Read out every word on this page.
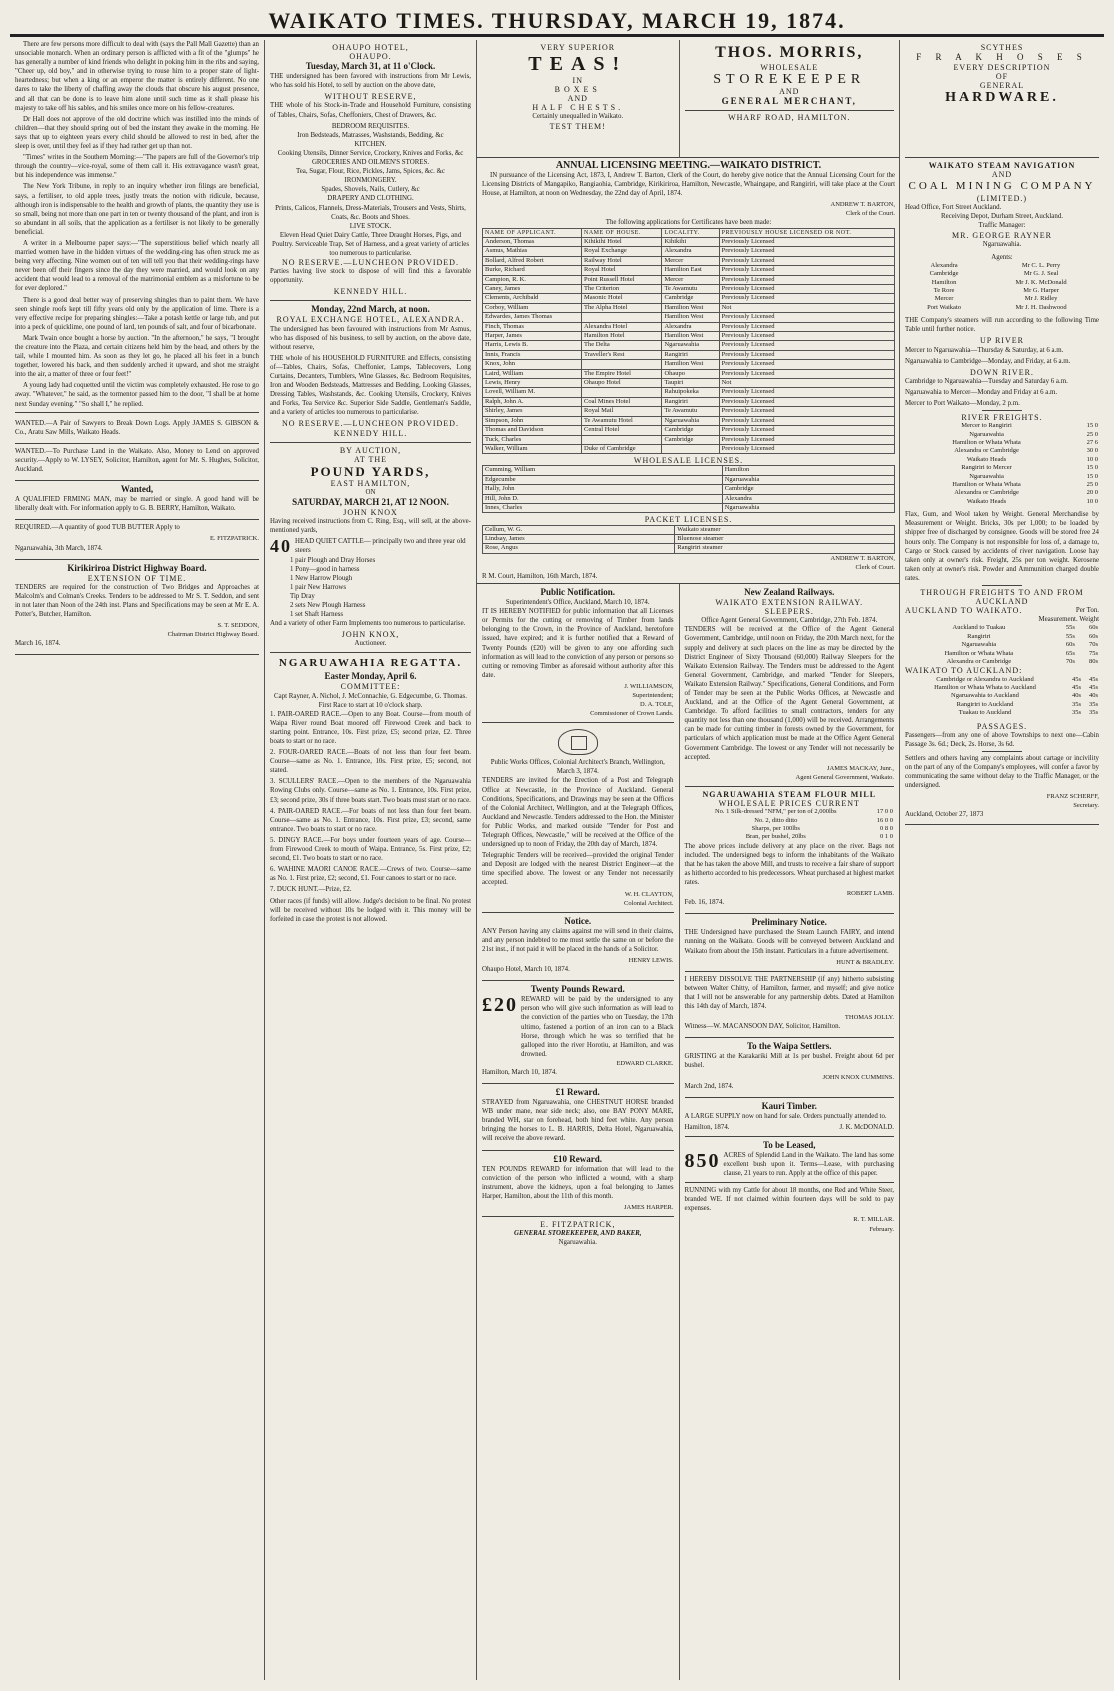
WAIKATO TIMES. THURSDAY, MARCH 19, 1874.

There are few persons more difficult to deal with (says the Pall Mall Gazette) than an unsociable monarch. When an ordinary person is afflicted with a fit of the "glumps" he has generally a number of kind friends who delight in poking him in the ribs and saying, "Cheer up, old boy," and in otherwise trying to rouse him to a proper state of light-heartedness; but when a king or an emperor the matter is entirely different. No one dares to take the liberty of chaffing away the clouds that obscure his august presence, and all that can be done is to leave him alone until such time as it shall please his majesty to take off his sables, and his smiles once more on his fellow-creatures.

Dr Hall does not approve of the old doctrine which was instilled into the minds of children—that they should spring out of bed the instant they awake in the morning. He says that up to eighteen years every child should be allowed to rest in bed, after the sleep is over, until they feel as if they had rather get up than not.

"Times" writes in the Southern Morning:—"The papers are full of the Governor's trip through the country—vice-royal, some of them call it. His extravagance wasn't great, but his independence was immense."

The New York Tribune, in reply to an inquiry whether iron filings are beneficial, says, a fertiliser, to old apple trees, justly treats the notion with ridicule, because, although iron is indispensable to the health and growth of plants, the quantity they use is so small, being not more than one part in ten or twenty thousand of the plant, and iron is so abundant in all soils, that the application as a fertiliser is not likely to be generally beneficial.

A writer in a Melbourne paper says:—"The superstitious belief which nearly all married women have in the hidden virtues of the wedding-ring has often struck me as being very affecting. Nine women out of ten will tell you that their wedding-rings have never been off their fingers since the day they were married, and would look on any accident that would lead to a removal of the matrimonial emblem as a misfortune to be for ever deplored."

There is a good deal better way of preserving shingles than to paint them. We have seen shingle roofs kept till fifty years old only by the application of lime. There is a very effective recipe for preparing shingles:—Take a potash kettle or large tub, and put into a peck of quicklime, one pound of lard, ten pounds of salt, and four of bicarbonate.

Mark Twain once bought a horse by auction. "In the afternoon," he says, "I brought the creature into the Plaza, and certain citizens held him by the head, and others by the tail, while I mounted him. As soon as they let go, he placed all his feet in a bunch together, lowered his back, and then suddenly arched it upward, and shot me straight into the air, a matter of three or four feet!"

A young lady had coquetted until the victim was completely exhausted. He rose to go away. "Whatever," he said, as the tormentor passed him to the door, "I shall be at home next Sunday evening." "So shall I," he replied.

WANTED.—A Pair of Sawyers to Break Down Logs. Apply JAMES S. GIBSON & Co., Aratu Saw Mills, Waikato Heads.

WANTED.—To Purchase Land in the Waikato. Also, Money to Lend on approved security.—Apply to W. LYSEY, Solicitor, Hamilton, agent for Mr. S. Hughes, Solicitor, Auckland.

Wanted,

A QUALIFIED FRMING MAN, may be married or single. A good hand will be liberally dealt with. For information apply to G. B. BERRY, Hamilton, Waikato.

REQUIRED.—A quantity of good TUB BUTTER Apply to

E. FITZPATRICK.

Ngaruawahia, 3th March, 1874.

Kirikiriroa District Highway Board.
EXTENSION OF TIME.

TENDERS are required for the construction of Two Bridges and Approaches at Malcolm's and Colman's Creeks. Tenders to be addressed to Mr S. T. Seddon, and sent in not later than Noon of the 24th inst. Plans and Specifications may be seen at Mr E. A. Potter's, Butcher, Hamilton.

S. T. SEDDON,
Chairman District Highway Board.

March 16, 1874.

OHAUPO HOTEL,
OHAUPO.
Tuesday, March 31, at 11 o'Clock.

THE undersigned has been favored with instructions from Mr Lewis, who has sold his Hotel, to sell by auction on the above date,

WITHOUT RESERVE,

THE whole of his Stock-in-Trade and Household Furniture, consisting of Tables, Chairs, Sofas, Cheffoniers, Chest of Drawers, &c.

BEDROOM REQUISITES.
Iron Bedsteads, Matrasses, Washstands, Bedding, &c
KITCHEN.
Cooking Utensils, Dinner Service, Crockery, Knives and Forks, &c
GROCERIES AND OILMEN'S STORES.
Tea, Sugar, Flour, Rice, Pickles, Jams, Spices, &c. &c
IRONMONGERY.
Spades, Shovels, Nails, Cutlery, &c
DRAPERY AND CLOTHING.
Prints, Calicos, Flannels, Dress-Materials, Trousers and Vests, Shirts, Coats, &c. Boots and Shoes.
LIVE STOCK.
Eleven Head Quiet Dairy Cattle, Three Draught Horses, Pigs, and Poultry. Serviceable Trap, Set of Harness, and a great variety of articles too numerous to particularise.
NO RESERVE.—LUNCHEON PROVIDED.

Parties having live stock to dispose of will find this a favorable opportunity.

KENNEDY HILL.
Monday, 22nd March, at noon.
ROYAL EXCHANGE HOTEL, ALEXANDRA.

The undersigned has been favoured with instructions from Mr Asmus, who has disposed of his business, to sell by auction, on the above date, without reserve,

THE whole of his HOUSEHOLD FURNITURE and Effects, consisting of—Tables, Chairs, Sofas, Cheffonier, Lamps, Tablecovers, Long Curtains, Decanters, Tumblers, Wine Glasses, &c. Bedroom Requisites, Iron and Wooden Bedsteads, Mattresses and Bedding, Looking Glasses, Dressing Tables, Washstands, &c. Cooking Utensils, Crockery, Knives and Forks, Tea Service &c. Superior Side Saddle, Gentleman's Saddle, and a variety of articles too numerous to particularise.

NO RESERVE.—LUNCHEON PROVIDED.
KENNEDY HILL.
BY AUCTION,
AT THE
POUND YARDS,
EAST HAMILTON,
ON
SATURDAY, MARCH 21, AT 12 NOON.
JOHN KNOX

Having received instructions from C. Ring, Esq., will sell, at the above-mentioned yards,

40 HEAD QUIET CATTLE— principally two and three year old steers
1 pair Plough and Dray Horses
1 Pony—good in harness
1 New Harrow Plough
1 pair New Harrows
Tip Dray
2 sets New Plough Harness
1 set Shaft Harness

And a variety of other Farm Implements too numerous to particularise.

JOHN KNOX,
Auctioneer.
NGARUAWAHIA REGATTA.
Easter Monday, April 6.
COMMITTEE:
Capt Rayner, A. Nichol, J. McConnachie, G. Edgecumbe, G. Thomas.
First Race to start at 10 o'clock sharp.

1. PAIR-OARED RACE.—Open to any Boat. Course—from mouth of Waipa River round Boat moored off Firewood Creek and back to starting point. Entrance, 10s. First prize, £5; second prize, £2. Three boats to start or no race.

2. FOUR-OARED RACE.—Boats of not less than four feet beam. Course—same as No. 1. Entrance, 10s. First prize, £5; second, not stated.

3. SCULLERS' RACE.—Open to the members of the Ngaruawahia Rowing Clubs only. Course—same as No. 1. Entrance, 10s. First prize, £3; second prize, 30s if three boats start. Two boats must start or no race.

4. PAIR-OARED RACE.—For boats of not less than four feet beam. Course—same as No. 1. Entrance, 10s. First prize, £3; second, same entrance. Two boats to start or no race.

5. DINGY RACE.—For boys under fourteen years of age. Course—from Firewood Creek to mouth of Waipa. Entrance, 5s. First prize, £2; second, £1. Two boats to start or no race.

6. WAHINE MAORI CANOE RACE.—Crews of two. Course—same as No. 1. First prize, £2; second, £1. Four canoes to start or no race.

7. DUCK HUNT.—Prize, £2.

Other races (if funds) will allow. Judge's decision to be final. No protest will be received without 10s be lodged with it. This money will be forfeited in case the protest is not allowed.

VERY SUPERIOR
TEAS!
IN
BOXES
AND
HALF CHESTS.
Certainly unequalled in Waikato.
TEST THEM!
THOS. MORRIS,
WHOLESALE
STOREKEEPER
AND
GENERAL MERCHANT,
WHARF ROAD, HAMILTON.
ANNUAL LICENSING MEETING.—WAIKATO DISTRICT.

IN pursuance of the Licensing Act, 1873, I, Andrew T. Barton, Clerk of the Court, do hereby give notice that the Annual Licensing Court for the Licensing Districts of Mangapiko, Rangiaohia, Cambridge, Kirikiriroa, Hamilton, Newcastle, Whaingape, and Rangiriri, will take place at the Court House, at Hamilton, at noon on Wednesday, the 22nd day of April, 1874.

ANDREW T. BARTON,
Clerk of the Court.
The following applications for Certificates have been made:
NAME OF APPLICANT.	NAME OF HOUSE.	LOCALITY.	PREVIOUSLY HOUSE LICENSED OR NOT.
Anderson, Thomas	Kihikihi Hotel	Kihikihi	Previously Licensed
Asmus, Mathias	Royal Exchange	Alexandra	Previously Licensed
Bollard, Alfred Robert	Railway Hotel	Mercer	Previously Licensed
Burke, Richard	Royal Hotel	Hamilton East	Previously Licensed
Campion, R. K.	Point Russell Hotel	Mercer	Previously Licensed
Caney, James	The Criterion	Te Awamutu	Previously Licensed
Clements, Archibald	Masonic Hotel	Cambridge	Previously Licensed
Corboy, William	The Alpha Hotel	Hamilton West	Not
Edwardes, James Thomas		Hamilton West	Previously Licensed
Finch, Thomas	Alexandra Hotel	Alexandra	Previously Licensed
Harper, James	Hamilton Hotel	Hamilton West	Previously Licensed
Harris, Lewis B.	The Delta	Ngaruawahia	Previously Licensed
Innis, Francis	Traveller's Rest	Rangiriri	Previously Licensed
Knox, John		Hamilton West	Previously Licensed
Laird, William	The Empire Hotel	Ohaupo	Previously Licensed
Lewis, Henry	Ohaupo Hotel	Taupiri	Not
Lovell, William M.		Rahuipokeka	Previously Licensed
Ralph, John A.	Coal Mines Hotel	Rangiriri	Previously Licensed
Shirley, James	Royal Mail	Te Awamutu	Previously Licensed
Simpson, John	Te Awamutu Hotel	Ngaruawahia	Previously Licensed
Thomas and Davidson	Central Hotel	Cambridge	Previously Licensed
Tuck, Charles		Cambridge	Previously Licensed
Walker, William	Duke of Cambridge		Previously Licensed
WHOLESALE LICENSES.
Cumming, William	Hamilton
Edgecumbe	Ngaruawahia
Hally, John	Cambridge
Hill, John D.	Alexandra
Innes, Charles	Ngaruawahia
PACKET LICENSES.
Cellum, W. G.	Waikato steamer
Lindsay, James	Bluenose steamer
Rose, Angus	Rangiriri steamer
ANDREW T. BARTON,
Clerk of Court.
R M. Court, Hamilton, 16th March, 1874.
Public Notification.
Superintendent's Office, Auckland, March 10, 1874.

IT IS HEREBY NOTIFIED for public information that all Licenses or Permits for the cutting or removing of Timber from lands belonging to the Crown, in the Province of Auckland, heretofore issued, have expired; and it is further notified that a Reward of Twenty Pounds (£20) will be given to any one affording such information as will lead to the conviction of any person or persons so cutting or removing Timber as aforesaid without authority after this date.

J. WILLIAMSON,
Superintendent;
D. A. TOLE,
Commissioner of Crown Lands.
Public Works Offices, Colonial Architect's Branch, Wellington, March 3, 1874.

TENDERS are invited for the Erection of a Post and Telegraph Office at Newcastle, in the Province of Auckland. General Conditions, Specifications, and Drawings may be seen at the Offices of the Colonial Architect, Wellington, and at the Telegraph Offices, Auckland and Newcastle. Tenders addressed to the Hon. the Minister for Public Works, and marked outside "Tender for Post and Telegraph Offices, Newcastle," will be received at the Office of the undersigned up to noon of Friday, the 20th day of March, 1874.

Telegraphic Tenders will be received—provided the original Tender and Deposit are lodged with the nearest District Engineer—at the time specified above. The lowest or any Tender not necessarily accepted.

W. H. CLAYTON,
Colonial Architect.
Notice.

ANY Person having any claims against me will send in their claims, and any person indebted to me must settle the same on or before the 21st inst., if not paid it will be placed in the hands of a Solicitor.

HENRY LEWIS.

Ohaupo Hotel, March 10, 1874.

Twenty Pounds Reward.
£20 REWARD will be paid by the undersigned to any person who will give such information as will lead to the conviction of the parties who on Tuesday, the 17th ultimo, fastened a portion of an iron can to a Black Horse, through which he was so terrified that he galloped into the river Horotiu, at Hamilton, and was drowned.
EDWARD CLARKE.

Hamilton, March 10, 1874.

£1 Reward.

STRAYED from Ngaruawahia, one CHESTNUT HORSE branded WB under mane, near side neck; also, one BAY PONY MARE, branded WH, star on forehead, both hind feet white. Any person bringing the horses to L. B. HARRIS, Delta Hotel, Ngaruawahia, will receive the above reward.

£10 Reward.

TEN POUNDS REWARD for information that will lead to the conviction of the person who inflicted a wound, with a sharp instrument, above the kidneys, upon a foal belonging to James Harper, Hamilton, about the 11th of this month.

JAMES HARPER.
E. FITZPATRICK,
GENERAL STOREKEEPER, AND BAKER,
Ngaruawahia.
New Zealand Railways.
WAIKATO EXTENSION RAILWAY.
SLEEPERS.
Office Agent General Government, Cambridge, 27th Feb. 1874.

TENDERS will be received at the Office of the Agent General Government, Cambridge, until noon on Friday, the 20th March next, for the supply and delivery at such places on the line as may be directed by the District Engineer of Sixty Thousand (60,000) Railway Sleepers for the Waikato Extension Railway. The Tenders must be addressed to the Agent General Government, Cambridge, and marked "Tender for Sleepers, Waikato Extension Railway." Specifications, General Conditions, and Form of Tender may be seen at the Public Works Offices, at Newcastle and Auckland, and at the Office of the Agent General Government, at Cambridge. To afford facilities to small contractors, tenders for any quantity not less than one thousand (1,000) will be received. Arrangements can be made for cutting timber in forests owned by the Government, for particulars of which application must be made at the Office Agent General Government Cambridge. The lowest or any Tender will not necessarily be accepted.

JAMES MACKAY, Junr.,
Agent General Government, Waikato.
NGARUAWAHIA STEAM FLOUR MILL
WHOLESALE PRICES CURRENT
No. 1 Silk-dressed "NFM," per ton of 2,000lbs	17 0 0
No. 2, ditto ditto	16 0 0
Sharps, per 100lbs	0 8 0
Bran, per bushel, 20lbs	0 1 0

The above prices include delivery at any place on the river. Bags not included. The undersigned begs to inform the inhabitants of the Waikato that he has taken the above Mill, and trusts to receive a fair share of support as hitherto accorded to his predecessors. Wheat purchased at highest market rates.

ROBERT LAMB.

Feb. 16, 1874.

Preliminary Notice.

THE Undersigned have purchased the Steam Launch FAIRY, and intend running on the Waikato. Goods will be conveyed between Auckland and Waikato from about the 15th instant. Particulars in a future advertisement.

HUNT & BRADLEY.

I HEREBY DISSOLVE THE PARTNERSHIP (if any) hitherto subsisting between Walter Chitty, of Hamilton, farmer, and myself; and give notice that I will not be answerable for any partnership debts. Dated at Hamilton this 14th day of March, 1874.

THOMAS JOLLY.

Witness—W. MACANSOON DAY, Solicitor, Hamilton.

To the Waipa Settlers.

GRISTING at the Karakariki Mill at 1s per bushel. Freight about 6d per bushel.

JOHN KNOX CUMMINS.

March 2nd, 1874.

Kauri Timber.

A LARGE SUPPLY now on hand for sale. Orders punctually attended to.

Hamilton, 1874.	J. K. McDONALD.
To be Leased,
850 ACRES of Splendid Land in the Waikato. The land has some excellent bush upon it. Terms—Lease, with purchasing clause, 21 years to run. Apply at the office of this paper.

RUNNING with my Cattle for about 18 months, one Red and White Steer, branded WE. If not claimed within fourteen days will be sold to pay expenses.

R. T. MILLAR.
February.
SCYTHES
F R A K H O S E S
EVERY DESCRIPTION
OF
GENERAL
HARDWARE.
WAIKATO STEAM NAVIGATION
AND
COAL MINING COMPANY
(LIMITED.)
Head Office, Fort Street Auckland.
Receiving Depot, Durham Street, Auckland.
Traffic Manager:
MR. GEORGE RAYNER
Ngaruawahia.
Agents:
Alexandra	Mr C. L. Perry
Cambridge	Mr G. J. Seal
Hamilton	Mr J. K. McDonald
Te Rore	Mr G. Harper
Mercer	Mr J. Ridley
Port Waikato	Mr J. H. Dashwood

THE Company's steamers will run according to the following Time Table until further notice.

UP RIVER

Mercer to Ngaruawahia—Thursday & Saturday, at 6 a.m.

Ngaruawahia to Cambridge—Monday, and Friday, at 6 a.m.

DOWN RIVER.

Cambridge to Ngaruawahia—Tuesday and Saturday 6 a.m.

Ngaruawahia to Mercer—Monday and Friday at 6 a.m.

Mercer to Port Waikato—Monday, 2 p.m.

RIVER FREIGHTS.
Mercer to Rangiriri	15 0
Ngaruawahia	25 0
Hamilton or Whata Whata	27 6
Alexandra or Cambridge	30 0
Waikato Heads	10 0
Rangiriri to Mercer	15 0
Ngaruawahia	15 0
Hamilton or Whata Whata	25 0
Alexandra or Cambridge	20 0
Waikato Heads	10 0

Flax, Gum, and Wool taken by Weight. General Merchandise by Measurement or Weight. Bricks, 30s per 1,000; to be loaded by shipper free of discharged by consignee. Goods will be stored free 24 hours only. The Company is not responsible for loss of, a damage to, Cargo or Stock caused by accidents of river navigation. Loose hay taken only at owner's risk. Freight, 25s per ton weight. Kerosene taken only at owner's risk. Powder and Ammunition charged double rates.

THROUGH FREIGHTS TO AND FROM AUCKLAND
AUCKLAND TO WAIKATO.	Per Ton.
Measurement. Weight
Auckland to Tuakau	55s	60s
Rangiriri	55s	60s
Ngaruawahia	60s	70s
Hamilton or Whata Whata	65s	75s
Alexandra or Cambridge	70s	80s
WAIKATO TO AUCKLAND:
Cambridge or Alexandra to Auckland	45s	45s
Hamilton or Whata Whata to Auckland	45s	45s
Ngaruawahia to Auckland	40s	40s
Rangiriri to Auckland	35s	35s
Tuakau to Auckland	35s	35s
PASSAGES.

Passengers—from any one of above Townships to next one—Cabin Passage 3s. 6d.; Deck, 2s. Horse, 3s 6d.

Settlers and others having any complaints about cartage or incivility on the part of any of the Company's employees, will confer a favor by communicating the same without delay to the Traffic Manager, or the undersigned.

FRANZ SCHERFF,
Secretary.
Auckland, October 27, 1873
